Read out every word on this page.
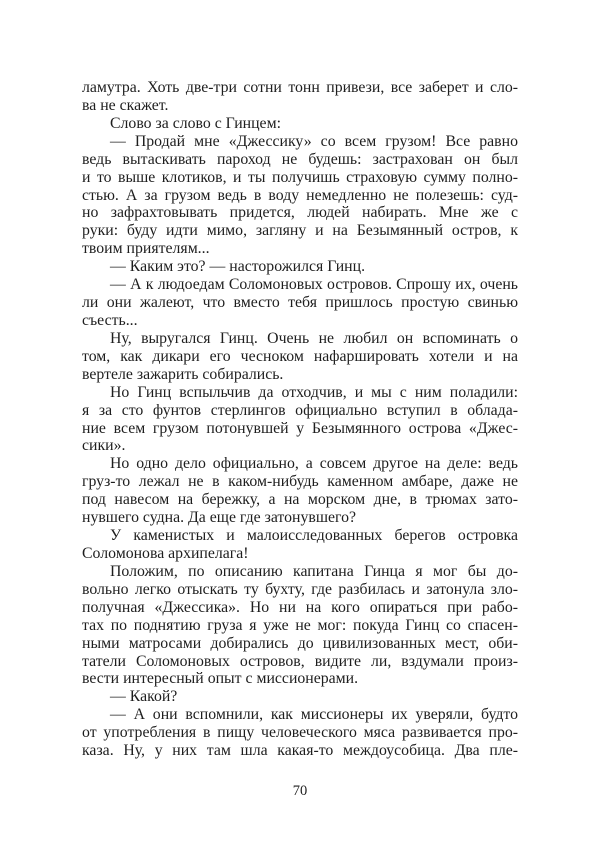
ламутра. Хоть две-три сотни тонн привези, все заберет и сло-
ва не скажет.
Слово за слово с Гинцем:
— Продай мне «Джессику» со всем грузом! Все равно
ведь вытаскивать пароход не будешь: застрахован он был
и то выше клотиков, и ты получишь страховую сумму полно-
стью. А за грузом ведь в воду немедленно не полезешь: суд-
но зафрахтовывать придется, людей набирать. Мне же с
руки: буду идти мимо, загляну и на Безымянный остров, к
твоим приятелям...
— Каким это? — насторожился Гинц.
— А к людоедам Соломоновых островов. Спрошу их, очень
ли они жалеют, что вместо тебя пришлось простую свинью
съесть...
Ну, выругался Гинц. Очень не любил он вспоминать о
том, как дикари его чесноком нафаршировать хотели и на
вертеле зажарить собирались.
Но Гинц вспыльчив да отходчив, и мы с ним поладили:
я за сто фунтов стерлингов официально вступил в облада-
ние всем грузом потонувшей у Безымянного острова «Джес-
сики».
Но одно дело официально, а совсем другое на деле: ведь
груз-то лежал не в каком-нибудь каменном амбаре, даже не
под навесом на бережку, а на морском дне, в трюмах зато-
нувшего судна. Да еще где затонувшего?
У каменистых и малоисследованных берегов островка
Соломонова архипелага!
Положим, по описанию капитана Гинца я мог бы до-
вольно легко отыскать ту бухту, где разбилась и затонула зло-
получная «Джессика». Но ни на кого опираться при рабо-
тах по поднятию груза я уже не мог: покуда Гинц со спасен-
ными матросами добирались до цивилизованных мест, оби-
татели Соломоновых островов, видите ли, вздумали произ-
вести интересный опыт с миссионерами.
— Какой?
— А они вспомнили, как миссионеры их уверяли, будто
от употребления в пищу человеческого мяса развивается про-
каза. Ну, у них там шла какая-то междоусобица. Два пле-
70
